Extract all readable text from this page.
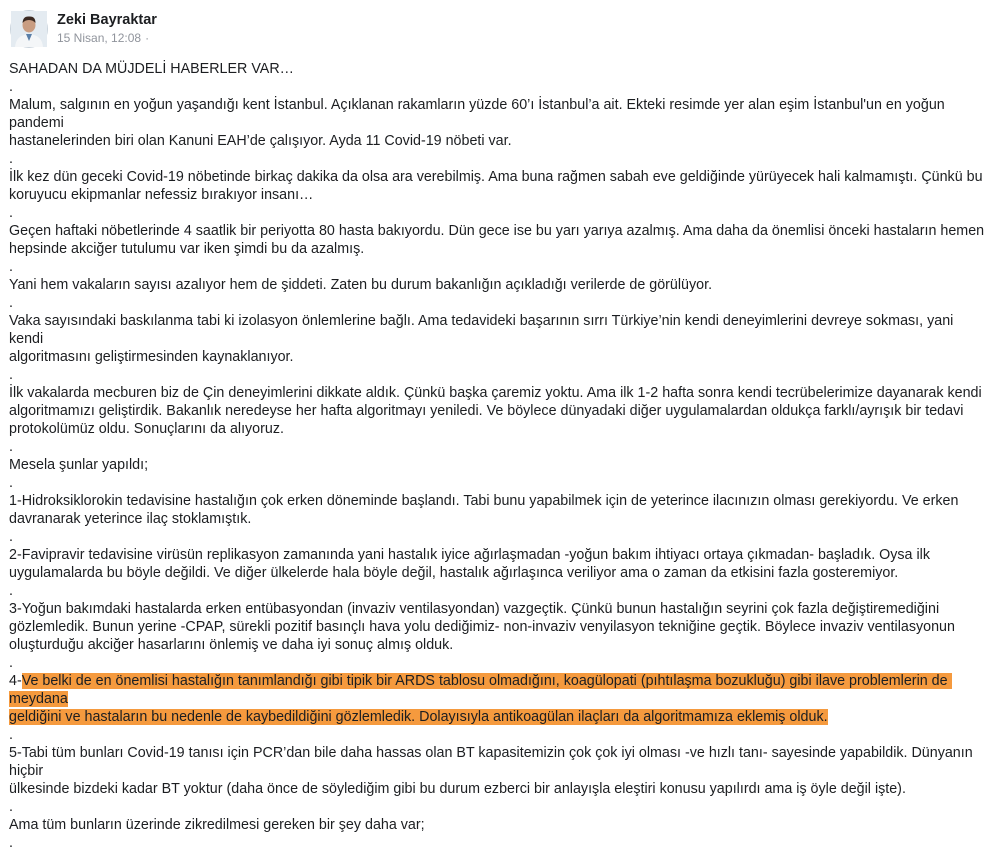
Zeki Bayraktar
15 Nisan, 12:08 ·

SAHADAN DA MÜJDELİ HABERLER VAR…

.

Malum, salgının en yoğun yaşandığı kent İstanbul. Açıklanan rakamların yüzde 60’ı İstanbul’a ait. Ekteki resimde yer alan eşim İstanbul'un en yoğun pandemi

hastanelerinden biri olan Kanuni EAH’de çalışıyor. Ayda 11 Covid-19 nöbeti var.

.

İlk kez dün geceki Covid-19 nöbetinde birkaç dakika da olsa ara verebilmiş. Ama buna rağmen sabah eve geldiğinde yürüyecek hali kalmamıştı. Çünkü bu

koruyucu ekipmanlar nefessiz bırakıyor insanı…

.

Geçen haftaki nöbetlerinde 4 saatlik bir periyotta 80 hasta bakıyordu. Dün gece ise bu yarı yarıya azalmış. Ama daha da önemlisi önceki hastaların hemen

hepsinde akciğer tutulumu var iken şimdi bu da azalmış.

.

Yani hem vakaların sayısı azalıyor hem de şiddeti. Zaten bu durum bakanlığın açıkladığı verilerde de görülüyor.

.

Vaka sayısındaki baskılanma tabi ki izolasyon önlemlerine bağlı. Ama tedavideki başarının sırrı Türkiye’nin kendi deneyimlerini devreye sokması, yani kendi

algoritmasını geliştirmesinden kaynaklanıyor.

.

İlk vakalarda mecburen biz de Çin deneyimlerini dikkate aldık. Çünkü başka çaremiz yoktu. Ama ilk 1-2 hafta sonra kendi tecrübelerimize dayanarak kendi

algoritmamızı geliştirdik. Bakanlık neredeyse her hafta algoritmayı yeniledi. Ve böylece dünyadaki diğer uygulamalardan oldukça farklı/ayrışık bir tedavi

protokolümüz oldu. Sonuçlarını da alıyoruz.

.

Mesela şunlar yapıldı;

.

1-Hidroksiklorokin tedavisine hastalığın çok erken döneminde başlandı. Tabi bunu yapabilmek için de yeterince ilacınızın olması gerekiyordu. Ve erken

davranarak yeterince ilaç stoklamıştık.

.

2-Favipravir tedavisine virüsün replikasyon zamanında yani hastalık iyice ağırlaşmadan -yoğun bakım ihtiyacı ortaya çıkmadan- başladık. Oysa ilk

uygulamalarda bu böyle değildi. Ve diğer ülkelerde hala böyle değil, hastalık ağırlaşınca veriliyor ama o zaman da etkisini fazla gosteremiyor.

.

3-Yoğun bakımdaki hastalarda erken entübasyondan (invaziv ventilasyondan) vazgeçtik. Çünkü bunun hastalığın seyrini çok fazla değiştiremediğini

gözlemledik. Bunun yerine -CPAP, sürekli pozitif basınçlı hava yolu dediğimiz- non-invaziv venyilasyon tekniğine geçtik. Böylece invaziv ventilasyonun

oluşturduğu akciğer hasarlarını önlemiş ve daha iyi sonuç almış olduk.

.

4-Ve belki de en önemlisi hastalığın tanımlandığı gibi tipik bir ARDS tablosu olmadığını, koagülopati (pıhtılaşma bozukluğu) gibi ilave problemlerin de meydana

geldiğini ve hastaların bu nedenle de kaybedildiğini gözlemledik. Dolayısıyla antikoagülan ilaçları da algoritmamıza eklemiş olduk.

.

5-Tabi tüm bunları Covid-19 tanısı için PCR’dan bile daha hassas olan BT kapasitemizin çok çok iyi olması -ve hızlı tanı- sayesinde yapabildik. Dünyanın hiçbir

ülkesinde bizdeki kadar BT yoktur (daha önce de söylediğim gibi bu durum ezberci bir anlayışla eleştiri konusu yapılırdı ama iş öyle değil işte).

.

Ama tüm bunların üzerinde zikredilmesi gereken bir şey daha var;

.
